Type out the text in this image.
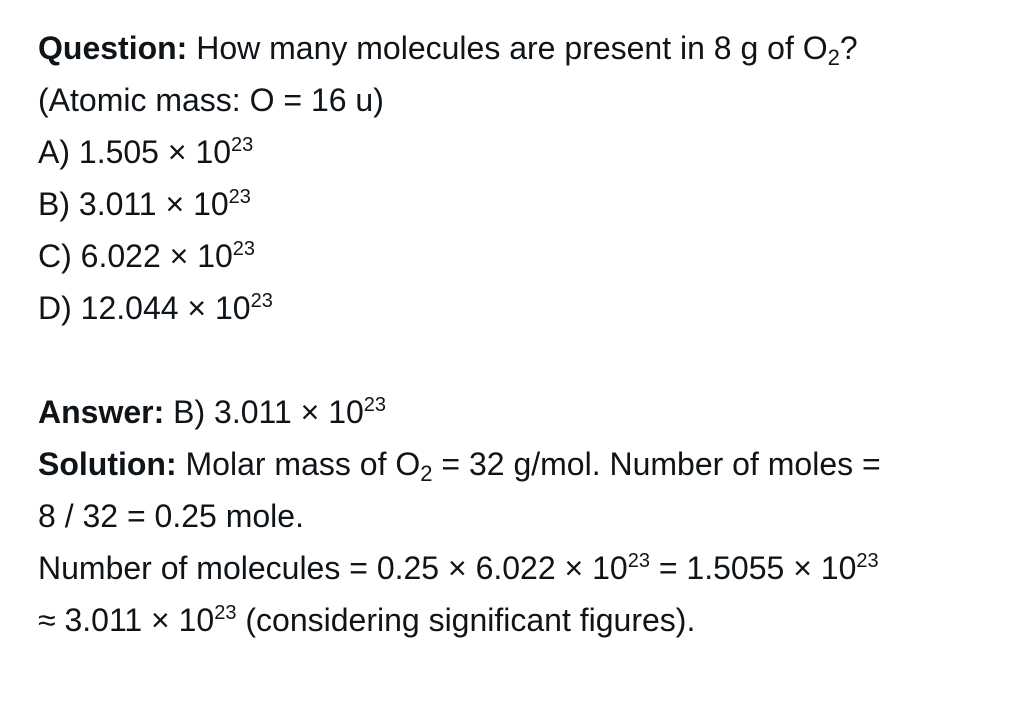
Question: How many molecules are present in 8 g of $O_2$?
(Atomic mass: O = 16 u)
A) $1.505 \times 10^{23}$
B) $3.011 \times 10^{23}$
C) $6.022 \times 10^{23}$
D) $12.044 \times 10^{23}$
Answer: B) $3.011 \times 10^{23}$
Solution: Molar mass of $O_2 = 32$ g/mol. Number of moles =
8 / 32 = 0.25 mole.
Number of molecules = $0.25 \times 6.022 \times 10^{23} = 1.5055 \times 10^{23}$
≈ $3.011 \times 10^{23}$ (considering significant figures).
